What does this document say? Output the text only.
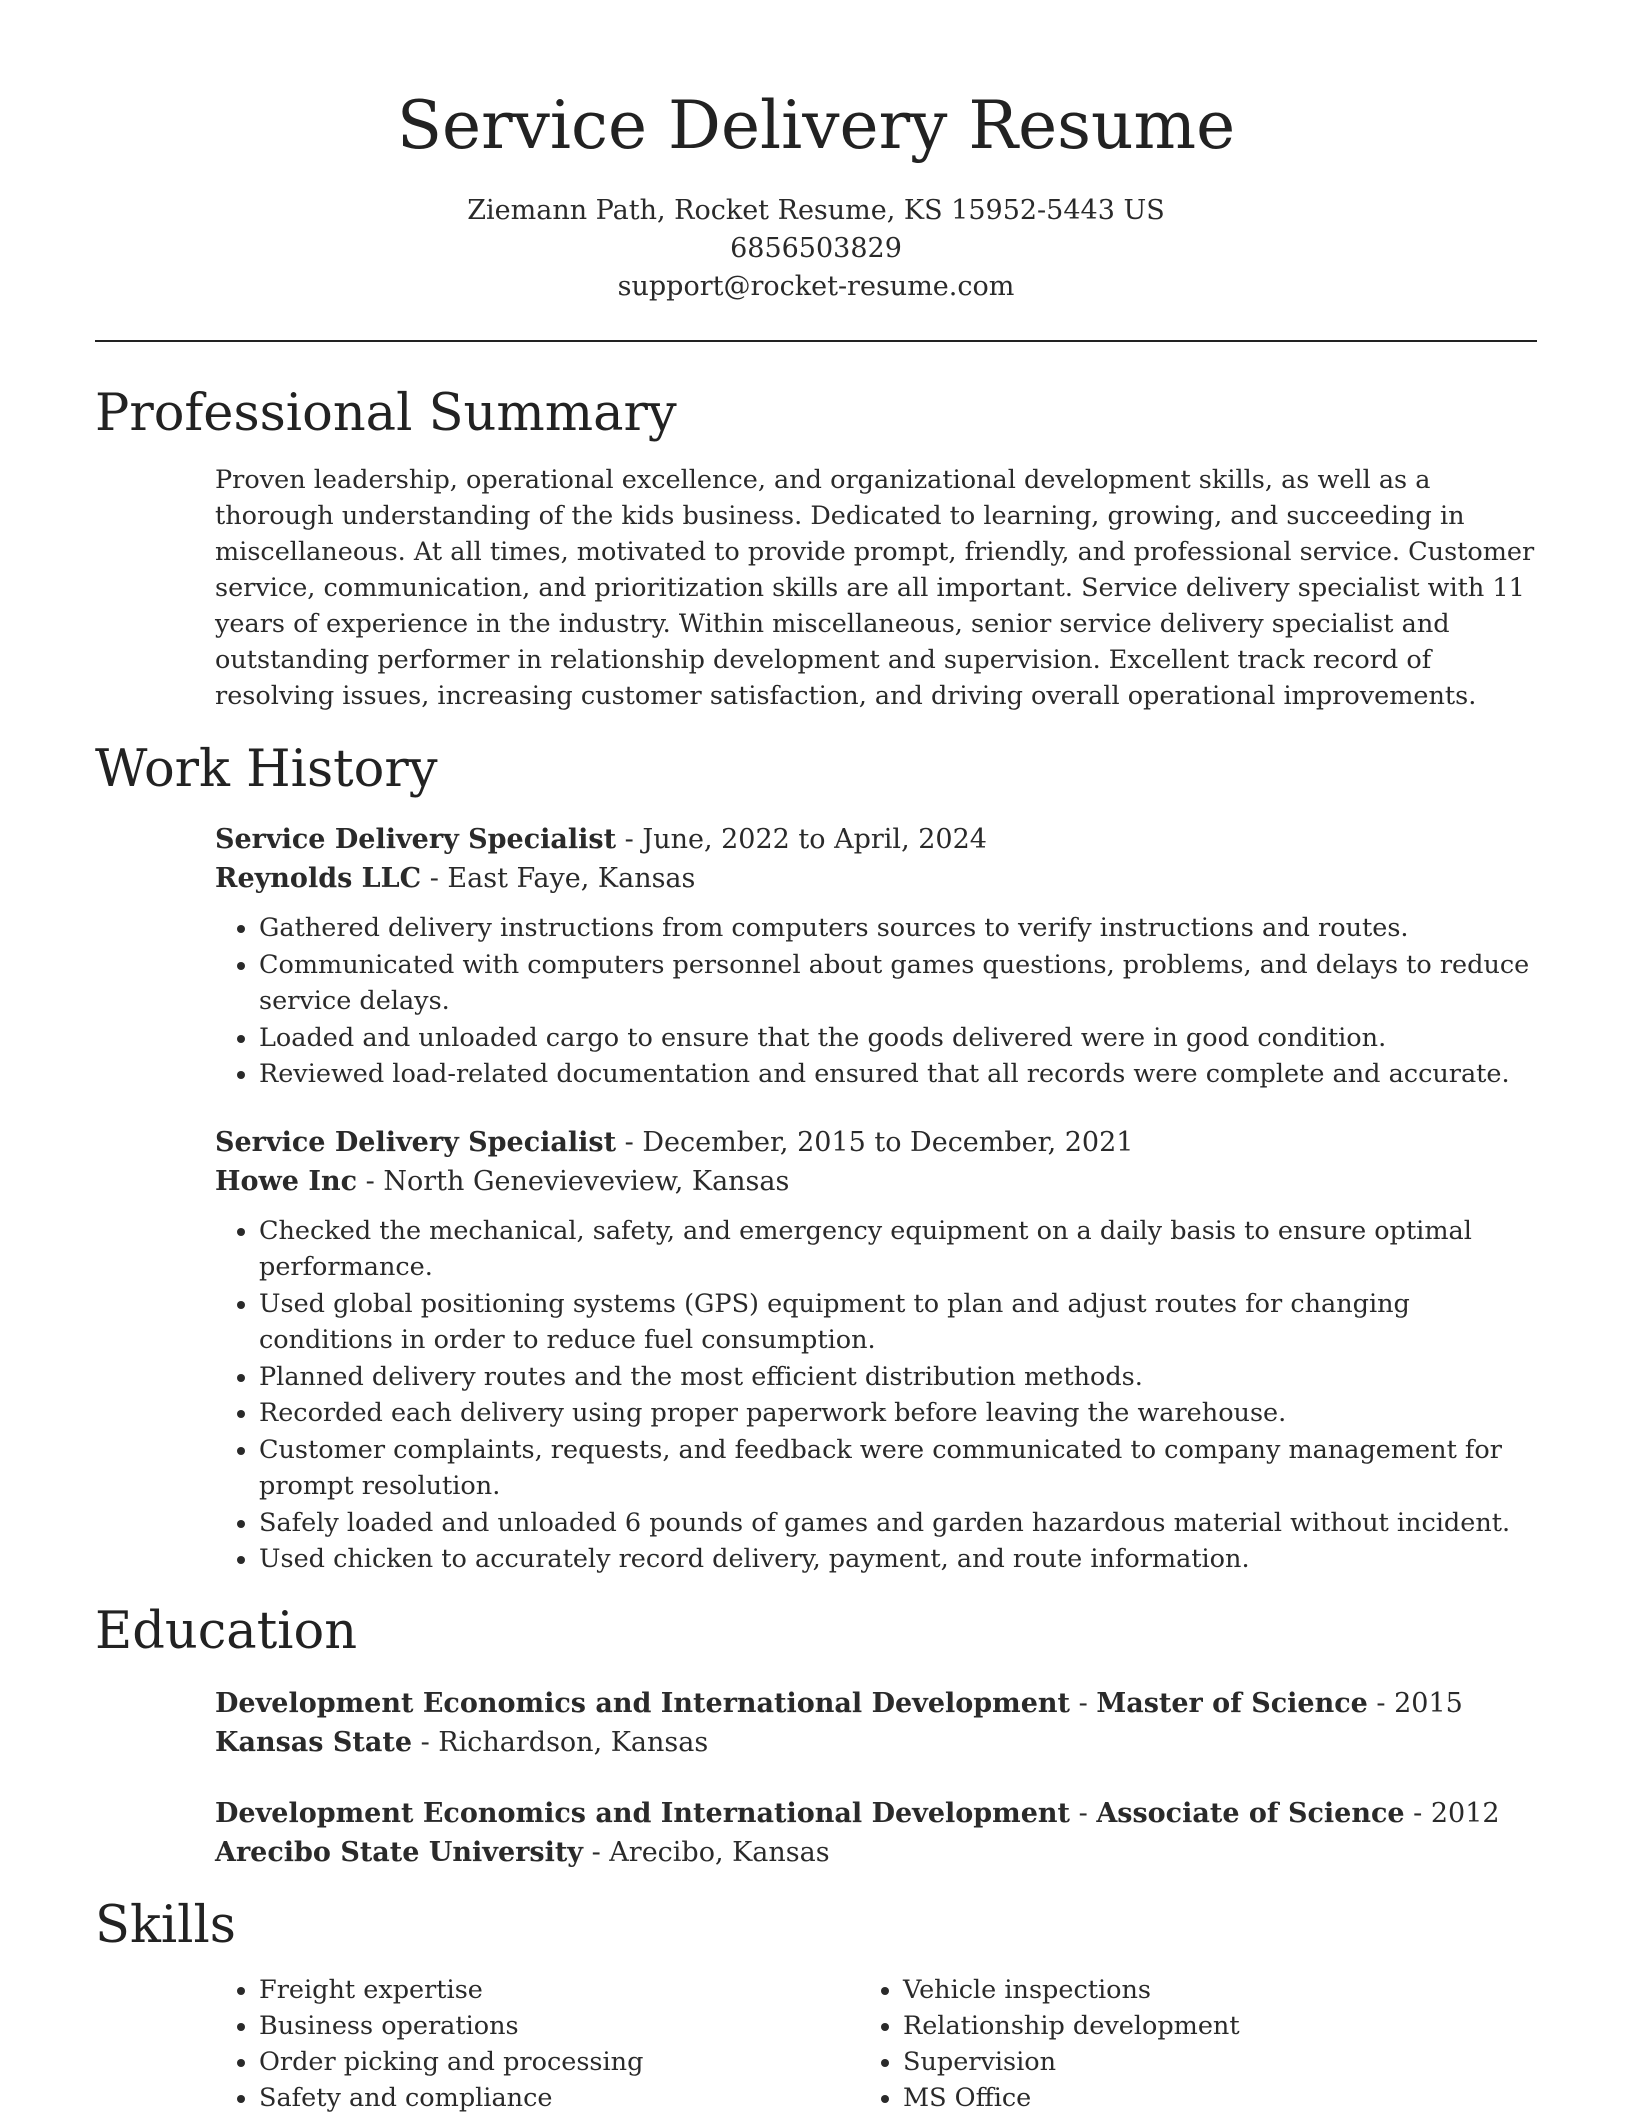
Service Delivery Resume
Ziemann Path, Rocket Resume, KS 15952-5443 US
6856503829
support@rocket-resume.com
Professional Summary
Proven leadership, operational excellence, and organizational development skills, as well as a thorough understanding of the kids business. Dedicated to learning, growing, and succeeding in miscellaneous. At all times, motivated to provide prompt, friendly, and professional service. Customer service, communication, and prioritization skills are all important. Service delivery specialist with 11 years of experience in the industry. Within miscellaneous, senior service delivery specialist and outstanding performer in relationship development and supervision. Excellent track record of resolving issues, increasing customer satisfaction, and driving overall operational improvements.
Work History
Service Delivery Specialist - June, 2022 to April, 2024
Reynolds LLC - East Faye, Kansas
• Gathered delivery instructions from computers sources to verify instructions and routes.
• Communicated with computers personnel about games questions, problems, and delays to reduce service delays.
• Loaded and unloaded cargo to ensure that the goods delivered were in good condition.
• Reviewed load-related documentation and ensured that all records were complete and accurate.
Service Delivery Specialist - December, 2015 to December, 2021
Howe Inc - North Genevieveview, Kansas
• Checked the mechanical, safety, and emergency equipment on a daily basis to ensure optimal performance.
• Used global positioning systems (GPS) equipment to plan and adjust routes for changing conditions in order to reduce fuel consumption.
• Planned delivery routes and the most efficient distribution methods.
• Recorded each delivery using proper paperwork before leaving the warehouse.
• Customer complaints, requests, and feedback were communicated to company management for prompt resolution.
• Safely loaded and unloaded 6 pounds of games and garden hazardous material without incident.
• Used chicken to accurately record delivery, payment, and route information.
Education
Development Economics and International Development - Master of Science - 2015
Kansas State - Richardson, Kansas
Development Economics and International Development - Associate of Science - 2012
Arecibo State University - Arecibo, Kansas
Skills
• Freight expertise
• Business operations
• Order picking and processing
• Safety and compliance
• Vehicle inspections
• Relationship development
• Supervision
• MS Office
